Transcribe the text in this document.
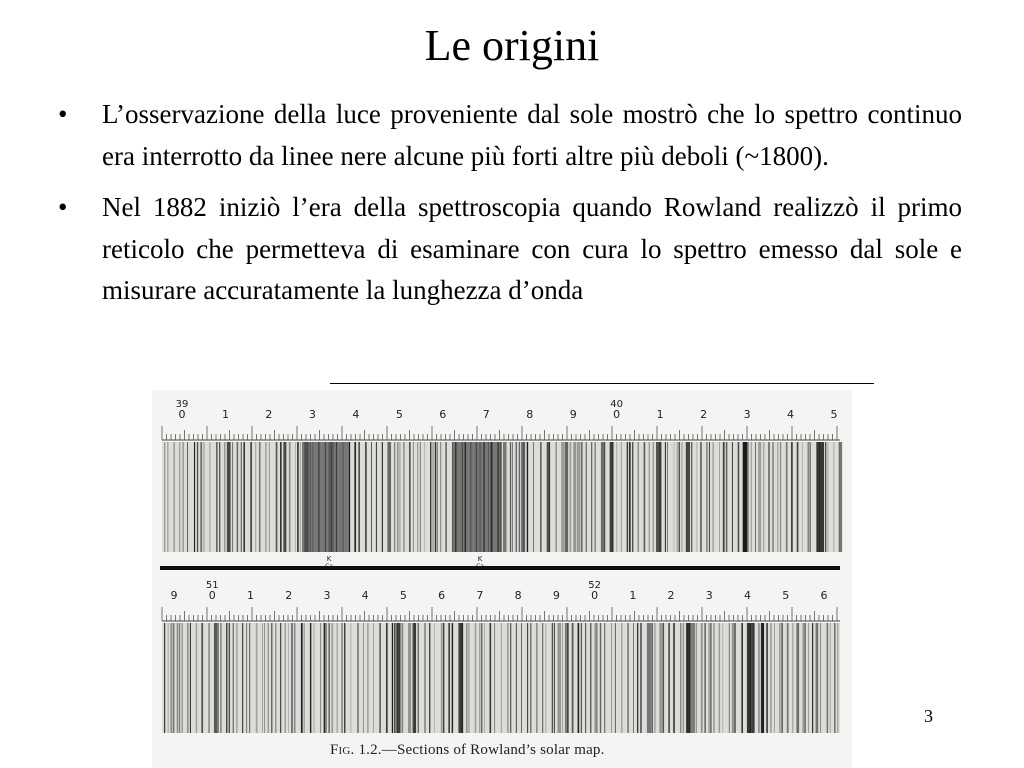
Le origini
•	L’osservazione della luce proveniente dal sole mostrò che lo spettro continuo era interrotto da linee nere alcune più forti altre più deboli (~1800).
•	Nel 1882 iniziò l’era della spettroscopia quando Rowland realizzò il primo reticolo che permetteva di esaminare con cura lo spettro emesso dal sole e misurare accuratamente la lunghezza d’onda
0
39
1	2	3	4	5	6	7	8	9	0
40
1	2	3	4	5
K	K
9	0
51
1	2	3	4	5	6	7	8	9	0
52
1	2	3	4	5	6
Fig. 1.2.—Sections of Rowland’s solar map.
3
